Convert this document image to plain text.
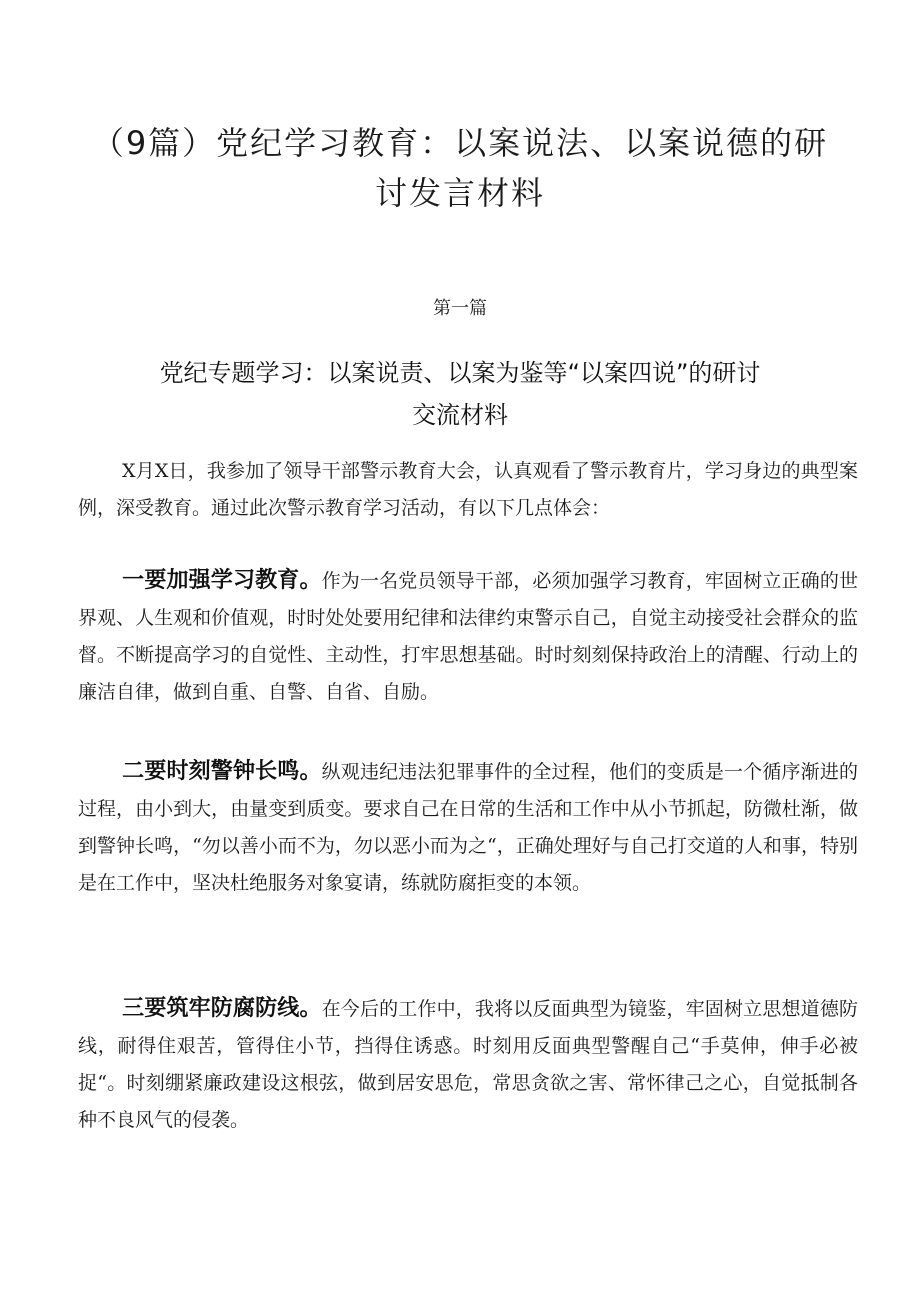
（9篇）党纪学习教育：以案说法、以案说德的研
讨发言材料
第一篇
党纪专题学习：以案说责、以案为鉴等“以案四说”的研讨
交流材料

X月X日，我参加了领导干部警示教育大会，认真观看了警示教育片，学习身边的典型案例，深受教育。通过此次警示教育学习活动，有以下几点体会：

一要加强学习教育。作为一名党员领导干部，必须加强学习教育，牢固树立正确的世界观、人生观和价值观，时时处处要用纪律和法律约束警示自己，自觉主动接受社会群众的监督。不断提高学习的自觉性、主动性，打牢思想基础。时时刻刻保持政治上的清醒、行动上的廉洁自律，做到自重、自警、自省、自励。

二要时刻警钟长鸣。纵观违纪违法犯罪事件的全过程，他们的变质是一个循序渐进的过程，由小到大，由量变到质变。要求自己在日常的生活和工作中从小节抓起，防微杜渐，做到警钟长鸣，“勿以善小而不为，勿以恶小而为之“，正确处理好与自己打交道的人和事，特别是在工作中，坚决杜绝服务对象宴请，练就防腐拒变的本领。

三要筑牢防腐防线。在今后的工作中，我将以反面典型为镜鉴，牢固树立思想道德防线，耐得住艰苦，管得住小节，挡得住诱惑。时刻用反面典型警醒自己“手莫伸，伸手必被捉“。时刻绷紧廉政建设这根弦，做到居安思危，常思贪欲之害、常怀律己之心，自觉抵制各种不良风气的侵袭。
